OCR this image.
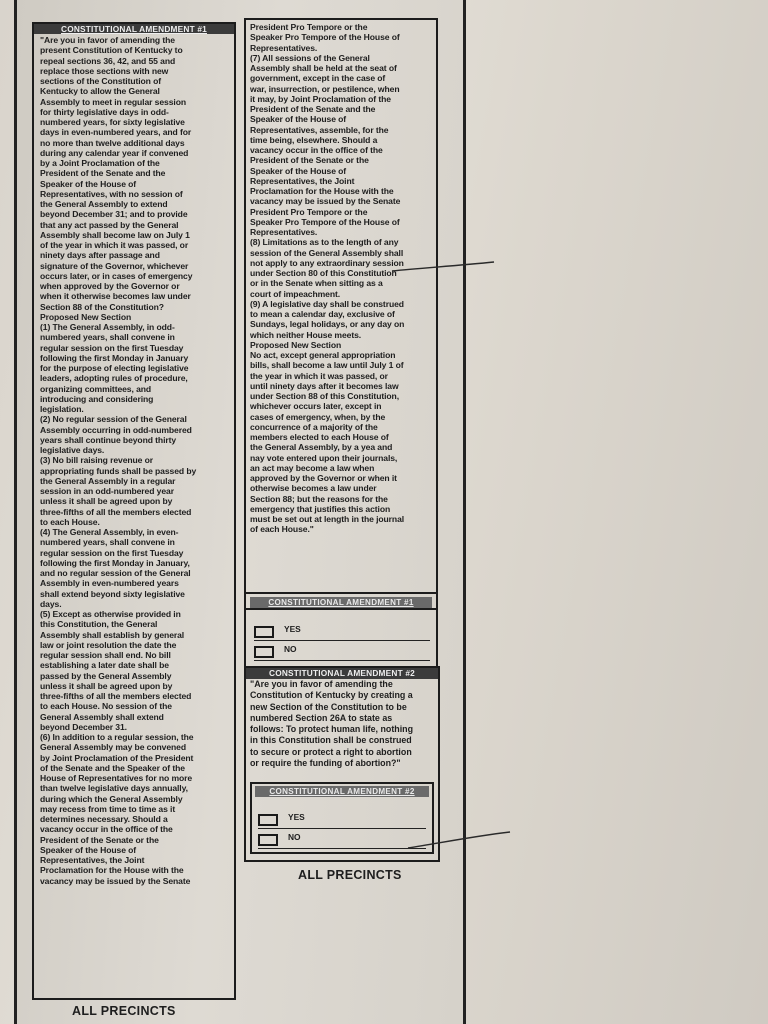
CONSTITUTIONAL AMENDMENT #1
"Are you in favor of amending the
present Constitution of Kentucky to
repeal sections 36, 42, and 55 and
replace those sections with new
sections of the Constitution of
Kentucky to allow the General
Assembly to meet in regular session
for thirty legislative days in odd-
numbered years, for sixty legislative
days in even-numbered years, and for
no more than twelve additional days
during any calendar year if convened
by a Joint Proclamation of the
President of the Senate and the
Speaker of the House of
Representatives, with no session of
the General Assembly to extend
beyond December 31; and to provide
that any act passed by the General
Assembly shall become law on July 1
of the year in which it was passed, or
ninety days after passage and
signature of the Governor, whichever
occurs later, or in cases of emergency
when approved by the Governor or
when it otherwise becomes law under
Section 88 of the Constitution?
Proposed New Section
(1) The General Assembly, in odd-
numbered years, shall convene in
regular session on the first Tuesday
following the first Monday in January
for the purpose of electing legislative
leaders, adopting rules of procedure,
organizing committees, and
introducing and considering
legislation.
(2) No regular session of the General
Assembly occurring in odd-numbered
years shall continue beyond thirty
legislative days.
(3) No bill raising revenue or
appropriating funds shall be passed by
the General Assembly in a regular
session in an odd-numbered year
unless it shall be agreed upon by
three-fifths of all the members elected
to each House.
(4) The General Assembly, in even-
numbered years, shall convene in
regular session on the first Tuesday
following the first Monday in January,
and no regular session of the General
Assembly in even-numbered years
shall extend beyond sixty legislative
days.
(5) Except as otherwise provided in
this Constitution, the General
Assembly shall establish by general
law or joint resolution the date the
regular session shall end. No bill
establishing a later date shall be
passed by the General Assembly
unless it shall be agreed upon by
three-fifths of all the members elected
to each House. No session of the
General Assembly shall extend
beyond December 31.
(6) In addition to a regular session, the
General Assembly may be convened
by Joint Proclamation of the President
of the Senate and the Speaker of the
House of Representatives for no more
than twelve legislative days annually,
during which the General Assembly
may recess from time to time as it
determines necessary. Should a
vacancy occur in the office of the
President of the Senate or the
Speaker of the House of
Representatives, the Joint
Proclamation for the House with the
vacancy may be issued by the Senate
President Pro Tempore or the
Speaker Pro Tempore of the House of
Representatives.
(7) All sessions of the General
Assembly shall be held at the seat of
government, except in the case of
war, insurrection, or pestilence, when
it may, by Joint Proclamation of the
President of the Senate and the
Speaker of the House of
Representatives, assemble, for the
time being, elsewhere. Should a
vacancy occur in the office of the
President of the Senate or the
Speaker of the House of
Representatives, the Joint
Proclamation for the House with the
vacancy may be issued by the Senate
President Pro Tempore or the
Speaker Pro Tempore of the House of
Representatives.
(8) Limitations as to the length of any
session of the General Assembly shall
not apply to any extraordinary session
under Section 80 of this Constitution
or in the Senate when sitting as a
court of impeachment.
(9) A legislative day shall be construed
to mean a calendar day, exclusive of
Sundays, legal holidays, or any day on
which neither House meets.
Proposed New Section
No act, except general appropriation
bills, shall become a law until July 1 of
the year in which it was passed, or
until ninety days after it becomes law
under Section 88 of this Constitution,
whichever occurs later, except in
cases of emergency, when, by the
concurrence of a majority of the
members elected to each House of
the General Assembly, by a yea and
nay vote entered upon their journals,
an act may become a law when
approved by the Governor or when it
otherwise becomes a law under
Section 88; but the reasons for the
emergency that justifies this action
must be set out at length in the journal
of each House."
CONSTITUTIONAL AMENDMENT #1
YES
NO
CONSTITUTIONAL AMENDMENT #2
"Are you in favor of amending the
Constitution of Kentucky by creating a
new Section of the Constitution to be
numbered Section 26A to state as
follows: To protect human life, nothing
in this Constitution shall be construed
to secure or protect a right to abortion
or require the funding of abortion?"
CONSTITUTIONAL AMENDMENT #2
YES
NO
ALL PRECINCTS
ALL PRECINCTS
